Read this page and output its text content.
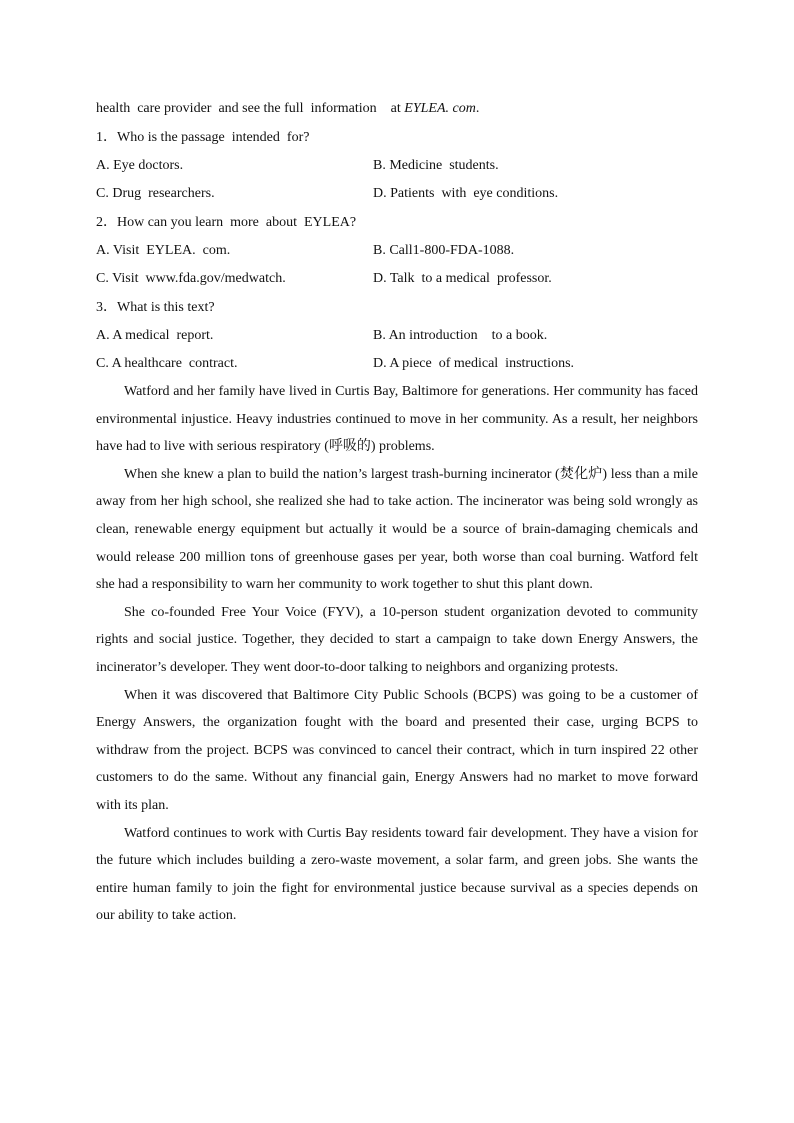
health  care provider  and see the full  information    at EYLEA. com.
1．Who is the passage  intended  for?
A. Eye doctors.	B. Medicine  students.
C. Drug  researchers.	D. Patients  with  eye conditions.
2．How can you learn  more  about  EYLEA?
A. Visit  EYLEA.  com.	B. Call1-800-FDA-1088.
C. Visit  www.fda.gov/medwatch.	D. Talk  to a medical  professor.
3．What is this text?
A. A medical  report.	B. An introduction    to a book.
C. A healthcare  contract.	D. A piece  of medical  instructions.

Watford and her family have lived in Curtis Bay, Baltimore for generations. Her community has faced environmental injustice. Heavy industries continued to move in her community. As a result, her neighbors have had to live with serious respiratory (呼吸的) problems.

When she knew a plan to build the nation’s largest trash-burning incinerator (焚化炉) less than a mile away from her high school, she realized she had to take action. The incinerator was being sold wrongly as clean, renewable energy equipment but actually it would be a source of brain-damaging chemicals and would release 200 million tons of greenhouse gases per year, both worse than coal burning. Watford felt she had a responsibility to warn her community to work together to shut this plant down.

She co-founded Free Your Voice (FYV), a 10-person student organization devoted to community rights and social justice. Together, they decided to start a campaign to take down Energy Answers, the incinerator’s developer. They went door-to-door talking to neighbors and organizing protests.

When it was discovered that Baltimore City Public Schools (BCPS) was going to be a customer of Energy Answers, the organization fought with the board and presented their case, urging BCPS to withdraw from the project. BCPS was convinced to cancel their contract, which in turn inspired 22 other customers to do the same. Without any financial gain, Energy Answers had no market to move forward with its plan.

Watford continues to work with Curtis Bay residents toward fair development. They have a vision for the future which includes building a zero-waste movement, a solar farm, and green jobs. She wants the entire human family to join the fight for environmental justice because survival as a species depends on our ability to take action.
